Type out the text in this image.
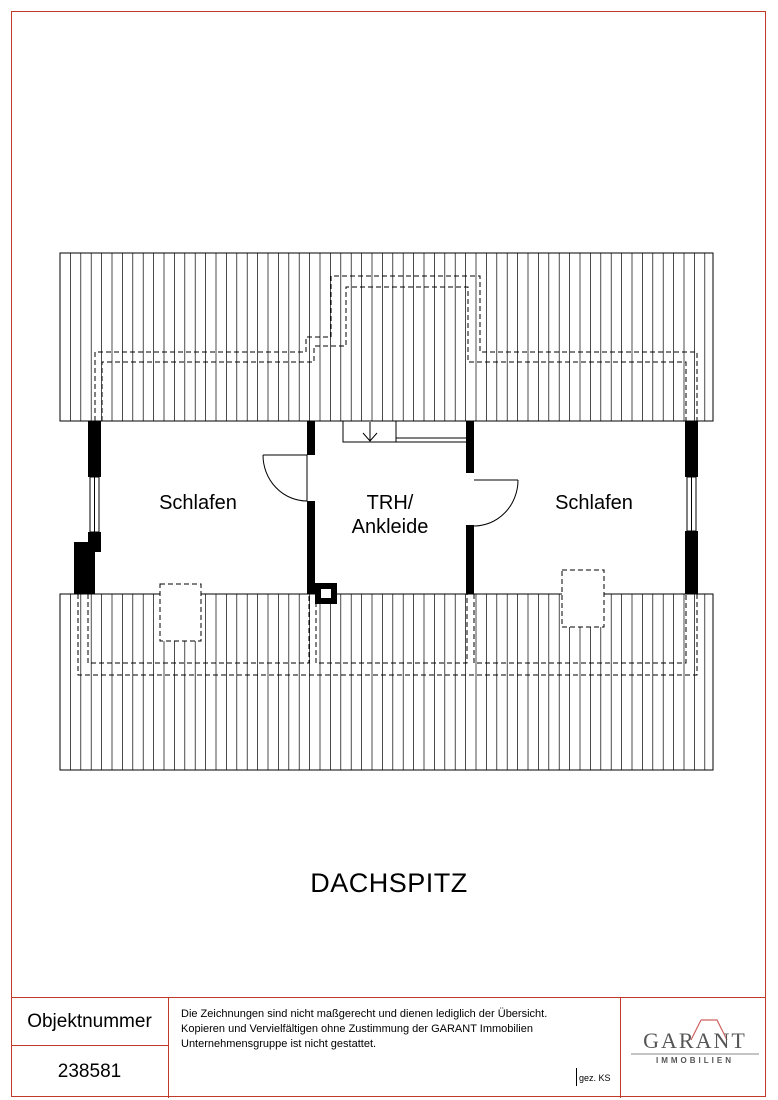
Schlafen	TRH/
Ankleide
Schlafen
DACHSPITZ
Objektnummer
238581
Die Zeichnungen sind nicht maßgerecht und dienen lediglich der Übersicht.
Kopieren und Vervielfältigen ohne Zustimmung der GARANT Immobilien
Unternehmensgruppe ist nicht gestattet.
gez. KS
GARANT
IMMOBILIEN
